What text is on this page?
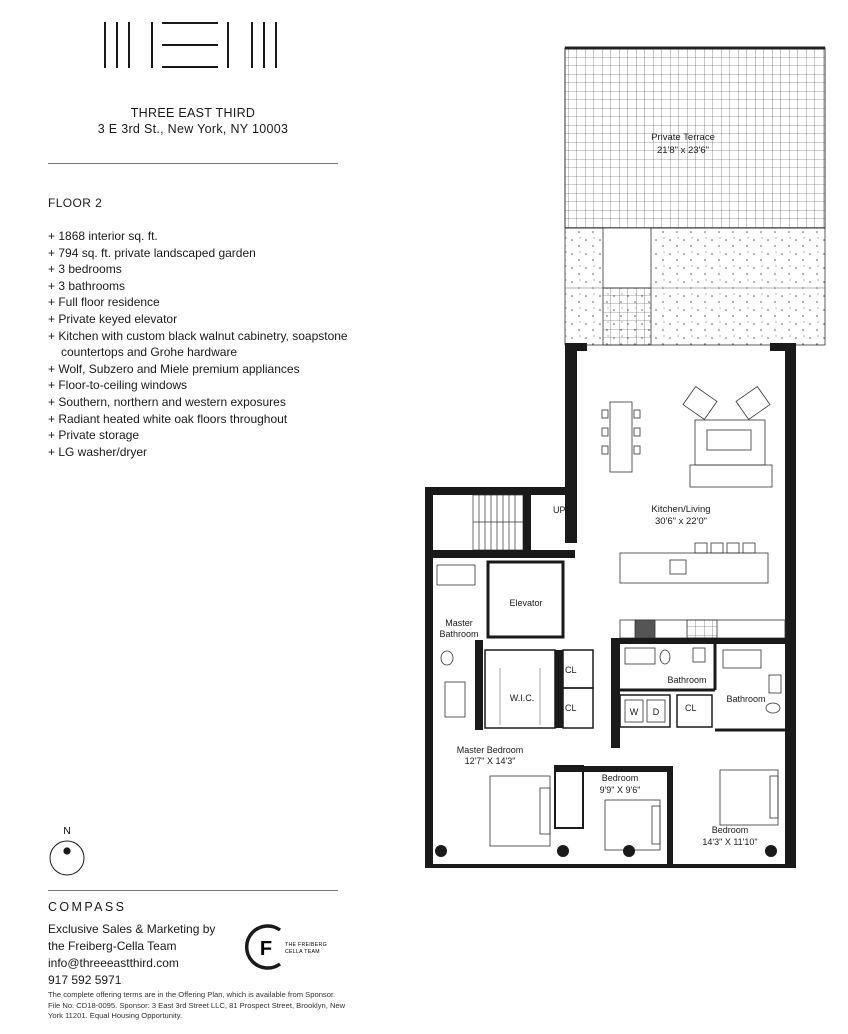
THREE EAST THIRD
3 E 3rd St., New York, NY 10003
FLOOR 2
+ 1868 interior sq. ft.
+ 794 sq. ft. private landscaped garden
+ 3 bedrooms
+ 3 bathrooms
+ Full floor residence
+ Private keyed elevator
+ Kitchen with custom black walnut cabinetry, soapstone countertops and Grohe hardware
+ Wolf, Subzero and Miele premium appliances
+ Floor-to-ceiling windows
+ Southern, northern and western exposures
+ Radiant heated white oak floors throughout
+ Private storage
+ LG washer/dryer
N
COMPASS
Exclusive Sales & Marketing by
the Freiberg-Cella Team
info@threeeastthird.com
917 592 5971
F THE FREIBERG
CELLA TEAM
The complete offering terms are in the Offering Plan, which is available from Sponsor. File No. CD18-0095. Sponsor: 3 East 3rd Street LLC, 81 Prospect Street, Brooklyn, New York 11201. Equal Housing Opportunity.
Private Terrace
21'8" x 23'6"
UP
Elevator
Master
Bathroom
W.I.C.
CL
CL
Kitchen/Living
30'6" x 22'0"
Bathroom
Bathroom
W D	CL
Master Bedroom
12'7" X 14'3"
Bedroom
9'9" X 9'6"
Bedroom
14'3" X 11'10"
